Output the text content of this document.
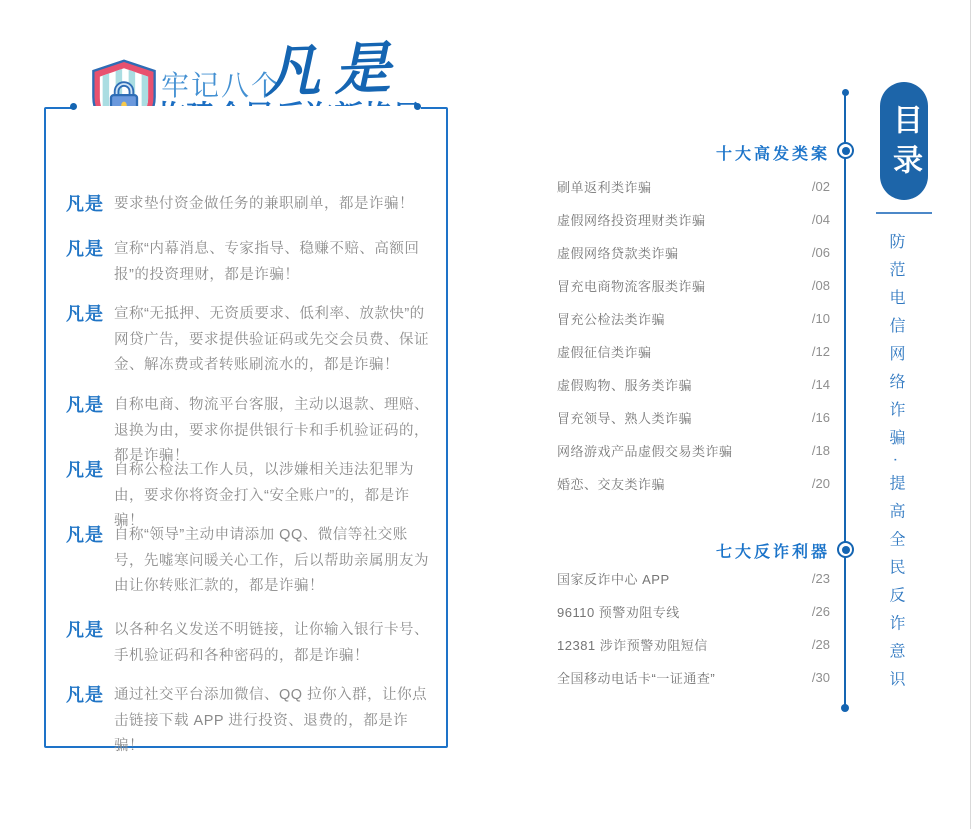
牢记八个
凡是
凡是 要求垫付资金做任务的兼职刷单，都是诈骗！
凡是 宣称“内幕消息、专家指导、稳赚不赔、高额回报”的投资理财，都是诈骗！
凡是 宣称“无抵押、无资质要求、低利率、放款快”的网贷广告，要求提供验证码或先交会员费、保证金、解冻费或者转账刷流水的，都是诈骗！
凡是 自称电商、物流平台客服，主动以退款、理赔、退换为由，要求你提供银行卡和手机验证码的，都是诈骗！
凡是 自称公检法工作人员，以涉嫌相关违法犯罪为由，要求你将资金打入“安全账户”的，都是诈骗！
凡是 自称“领导”主动申请添加 QQ、微信等社交账号，先嘘寒问暖关心工作，后以帮助亲属朋友为由让你转账汇款的，都是诈骗！
凡是 以各种名义发送不明链接，让你输入银行卡号、手机验证码和各种密码的，都是诈骗！
凡是 通过社交平台添加微信、QQ 拉你入群，让你点击链接下载 APP 进行投资、退费的，都是诈骗！
十大高发类案
刷单返利类诈骗	/02
虚假网络投资理财类诈骗	/04
虚假网络贷款类诈骗	/06
冒充电商物流客服类诈骗	/08
冒充公检法类诈骗	/10
虚假征信类诈骗	/12
虚假购物、服务类诈骗	/14
冒充领导、熟人类诈骗	/16
网络游戏产品虚假交易类诈骗	/18
婚恋、交友类诈骗	/20
七大反诈利器
国家反诈中心 APP	/23
96110 预警劝阻专线	/26
12381 涉诈预警劝阻短信	/28
全国移动电话卡“一证通查”	/30
目录
防范电信网络诈骗·提高全民反诈意识
